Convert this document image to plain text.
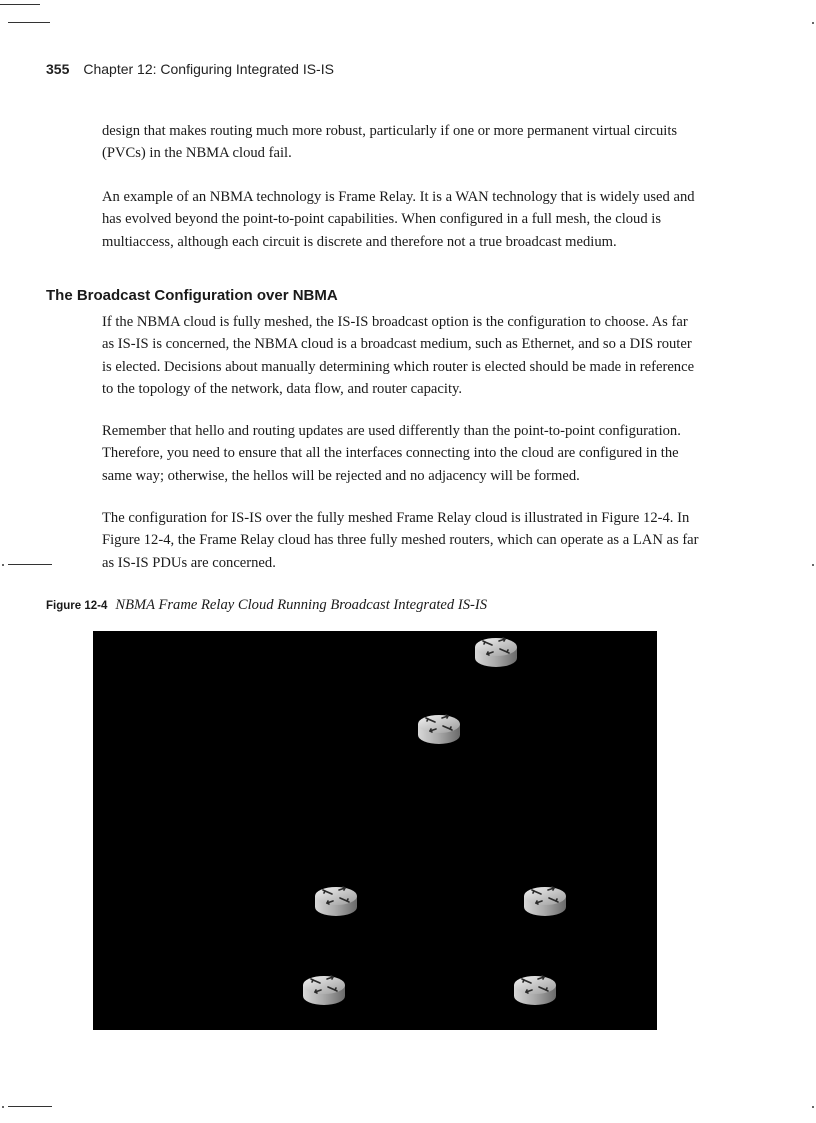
355 Chapter 12: Configuring Integrated IS-IS

design that makes routing much more robust, particularly if one or more permanent virtual circuits (PVCs) in the NBMA cloud fail.

An example of an NBMA technology is Frame Relay. It is a WAN technology that is widely used and has evolved beyond the point-to-point capabilities. When configured in a full mesh, the cloud is multiaccess, although each circuit is discrete and therefore not a true broadcast medium.

The Broadcast Configuration over NBMA

If the NBMA cloud is fully meshed, the IS-IS broadcast option is the configuration to choose. As far as IS-IS is concerned, the NBMA cloud is a broadcast medium, such as Ethernet, and so a DIS router is elected. Decisions about manually determining which router is elected should be made in reference to the topology of the network, data flow, and router capacity.

Remember that hello and routing updates are used differently than the point-to-point configuration. Therefore, you need to ensure that all the interfaces connecting into the cloud are configured in the same way; otherwise, the hellos will be rejected and no adjacency will be formed.

The configuration for IS-IS over the fully meshed Frame Relay cloud is illustrated in Figure 12-4. In Figure 12-4, the Frame Relay cloud has three fully meshed routers, which can operate as a LAN as far as IS-IS PDUs are concerned.

Figure 12-4 NBMA Frame Relay Cloud Running Broadcast Integrated IS-IS
